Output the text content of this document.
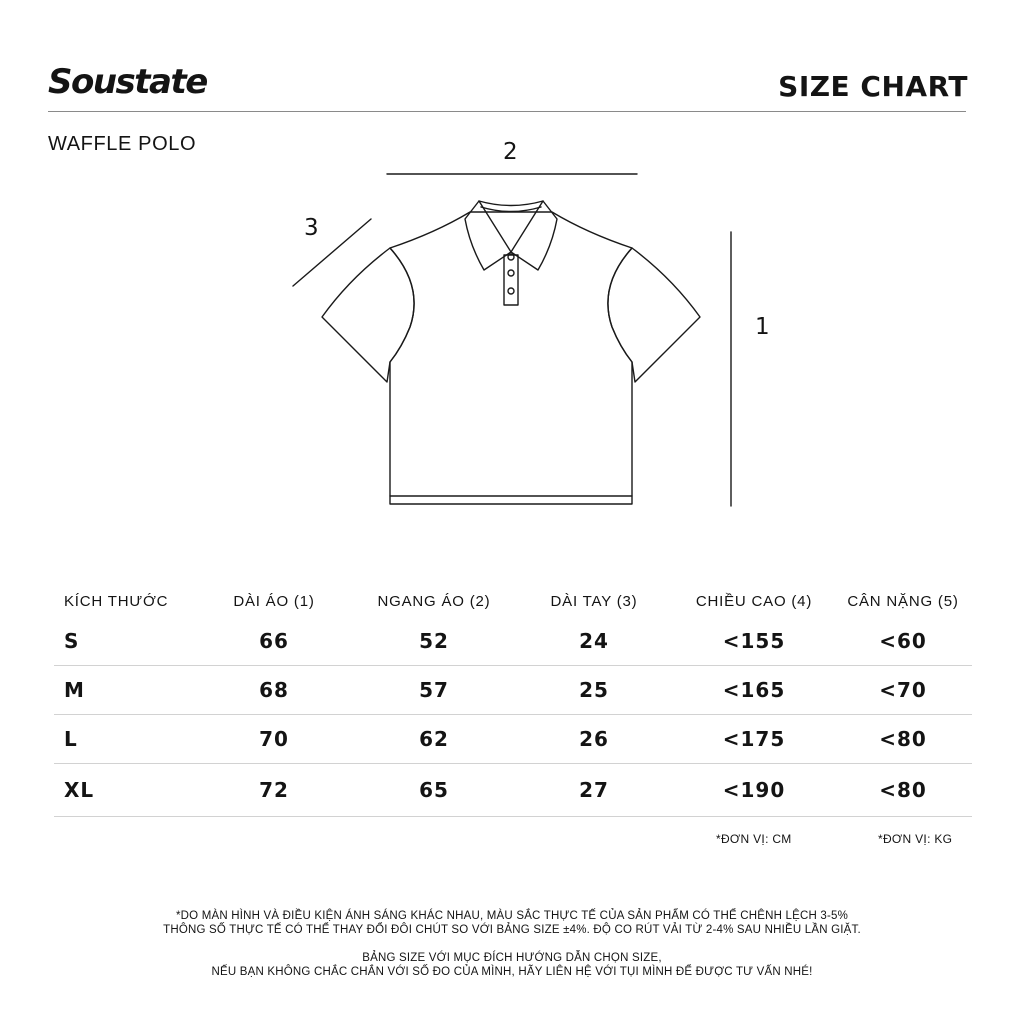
Soustate	SIZE CHART
WAFFLE POLO	2
3
1
KÍCH THƯỚC	DÀI ÁO (1)	NGANG ÁO (2)	DÀI TAY (3)	CHIỀU CAO (4)	CÂN NẶNG (5)
S	66	52	24	<155	<60
M	68	57	25	<165	<70
L	70	62	26	<175	<80
XL	72	65	27	<190	<80
*ĐƠN VỊ: CM	*ĐƠN VỊ: KG

*DO MÀN HÌNH VÀ ĐIỀU KIỆN ÁNH SÁNG KHÁC NHAU, MÀU SẮC THỰC TẾ CỦA SẢN PHẨM CÓ THỂ CHÊNH LỆCH 3-5%

THÔNG SỐ THỰC TẾ CÓ THỂ THAY ĐỔI ĐÔI CHÚT SO VỚI BẢNG SIZE ±4%. ĐỘ CO RÚT VẢI TỪ 2-4% SAU NHIỀU LẦN GIẶT.

BẢNG SIZE VỚI MỤC ĐÍCH HƯỚNG DẪN CHỌN SIZE,

NẾU BẠN KHÔNG CHẮC CHẮN VỚI SỐ ĐO CỦA MÌNH, HÃY LIÊN HỆ VỚI TỤI MÌNH ĐỂ ĐƯỢC TƯ VẤN NHÉ!
